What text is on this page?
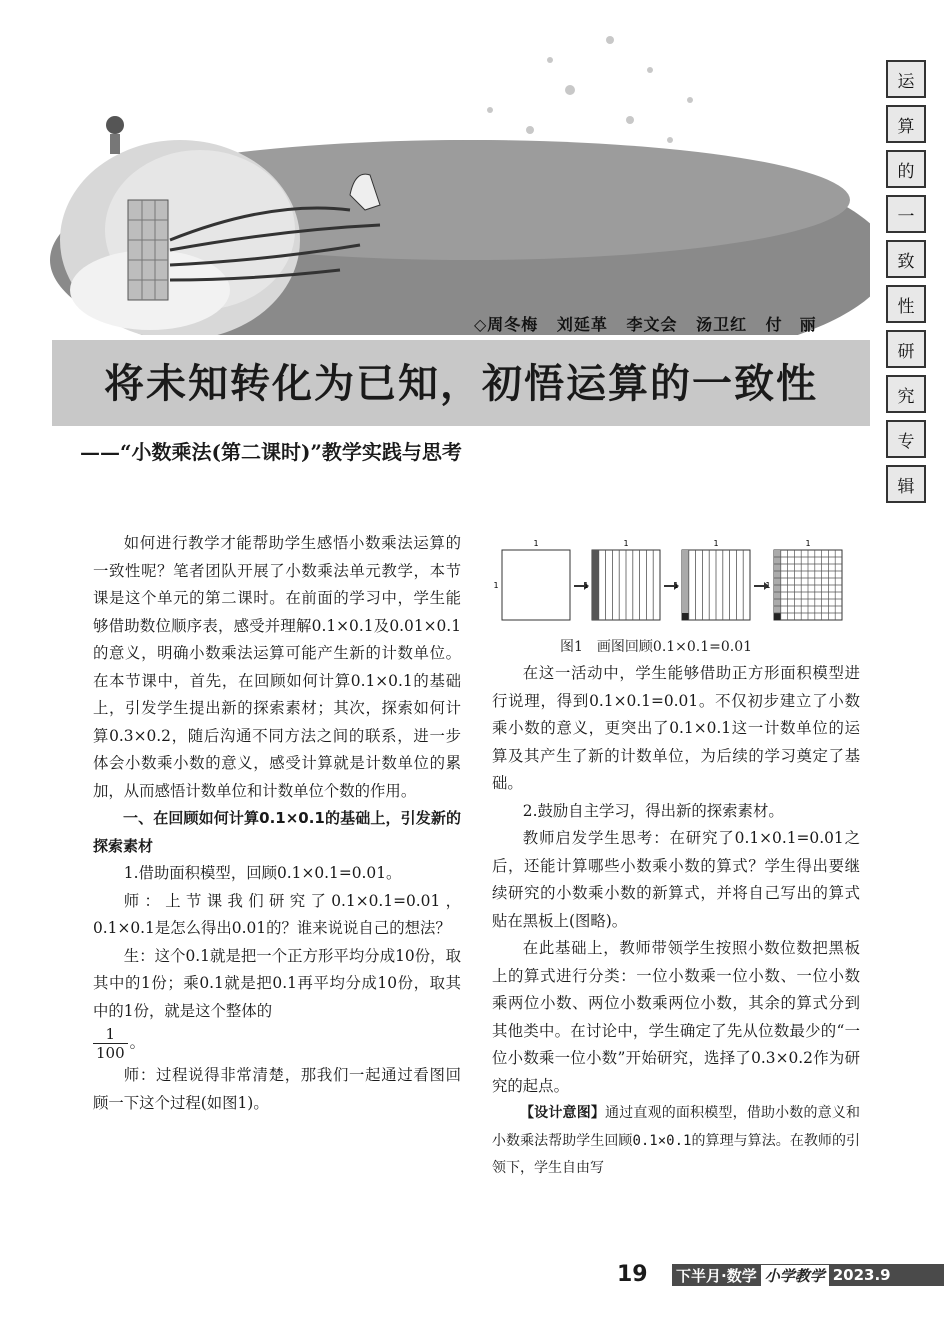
◇周冬梅 刘延革 李文会 汤卫红 付　丽
将未知转化为已知，初悟运算的一致性
——“小数乘法(第二课时)”教学实践与思考
运
算
的
一
致
性
研
究
专
辑

如何进行教学才能帮助学生感悟小数乘法运算的一致性呢？笔者团队开展了小数乘法单元教学，本节课是这个单元的第二课时。在前面的学习中，学生能够借助数位顺序表，感受并理解0.1×0.1及0.01×0.1的意义，明确小数乘法运算可能产生新的计数单位。在本节课中，首先，在回顾如何计算0.1×0.1的基础上，引发学生提出新的探索素材；其次，探索如何计算0.3×0.2，随后沟通不同方法之间的联系，进一步体会小数乘小数的意义，感受计算就是计数单位的累加，从而感悟计数单位和计数单位个数的作用。

一、在回顾如何计算0.1×0.1的基础上，引发新的探索素材

1.借助面积模型，回顾0.1×0.1=0.01。

师：上节课我们研究了0.1×0.1=0.01，0.1×0.1是怎么得出0.01的？谁来说说自己的想法？

生：这个0.1就是把一个正方形平均分成10份，取其中的1份；乘0.1就是把0.1再平均分成10份，取其中的1份，就是这个整体的

$\frac{1}{100}$ 。

师：过程说得非常清楚，那我们一起通过看图回顾一下这个过程(如图1)。

1
1
1
1
1
1
1
1
图1　画图回顾0.1×0.1=0.01

在这一活动中，学生能够借助正方形面积模型进行说理，得到0.1×0.1=0.01。不仅初步建立了小数乘小数的意义，更突出了0.1×0.1这一计数单位的运算及其产生了新的计数单位，为后续的学习奠定了基础。

2.鼓励自主学习，得出新的探索素材。

教师启发学生思考：在研究了0.1×0.1=0.01之后，还能计算哪些小数乘小数的算式？学生得出要继续研究的小数乘小数的新算式，并将自己写出的算式贴在黑板上(图略)。

在此基础上，教师带领学生按照小数位数把黑板上的算式进行分类：一位小数乘一位小数、一位小数乘两位小数、两位小数乘两位小数，其余的算式分到其他类中。在讨论中，学生确定了先从位数最少的“一位小数乘一位小数”开始研究，选择了0.3×0.2作为研究的起点。

【设计意图】通过直观的面积模型，借助小数的意义和小数乘法帮助学生回顾0.1×0.1的算理与算法。在教师的引领下，学生自由写

19 下半月·数学 小学教学 2023.9
